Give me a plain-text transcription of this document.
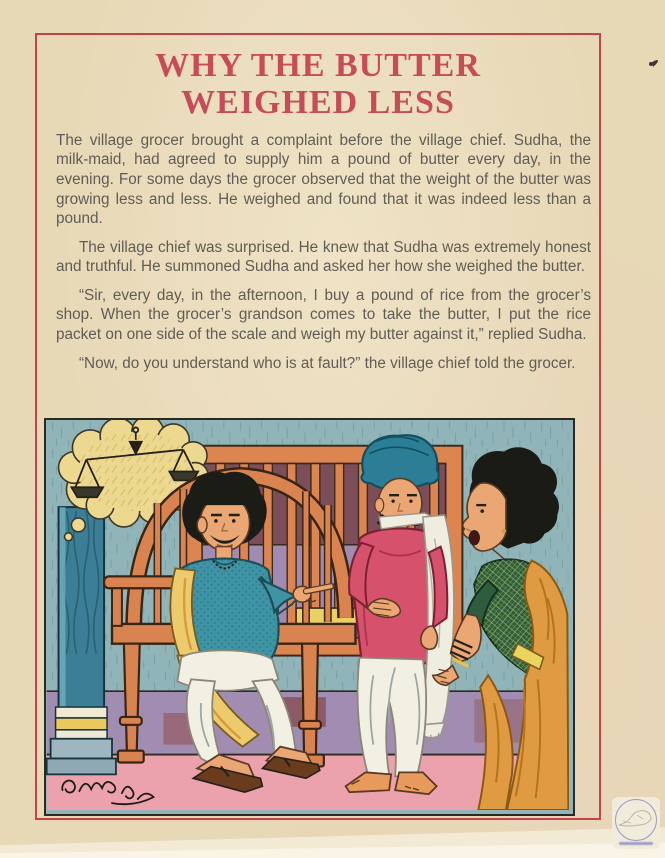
WHY THE BUTTER
WEIGHED LESS

The village grocer brought a complaint before the village chief. Sudha, the milk-maid, had agreed to supply him a pound of butter every day, in the evening. For some days the grocer observed that the weight of the butter was growing less and less. He weighed and found that it was indeed less than a pound.

The village chief was surprised. He knew that Sudha was extremely honest and truthful. He summoned Sudha and asked her how she weighed the butter.

“Sir, every day, in the afternoon, I buy a pound of rice from the grocer’s shop. When the grocer’s grandson comes to take the butter, I put the rice packet on one side of the scale and weigh my butter against it,” replied Sudha.

“Now, do you understand who is at fault?” the village chief told the grocer.
